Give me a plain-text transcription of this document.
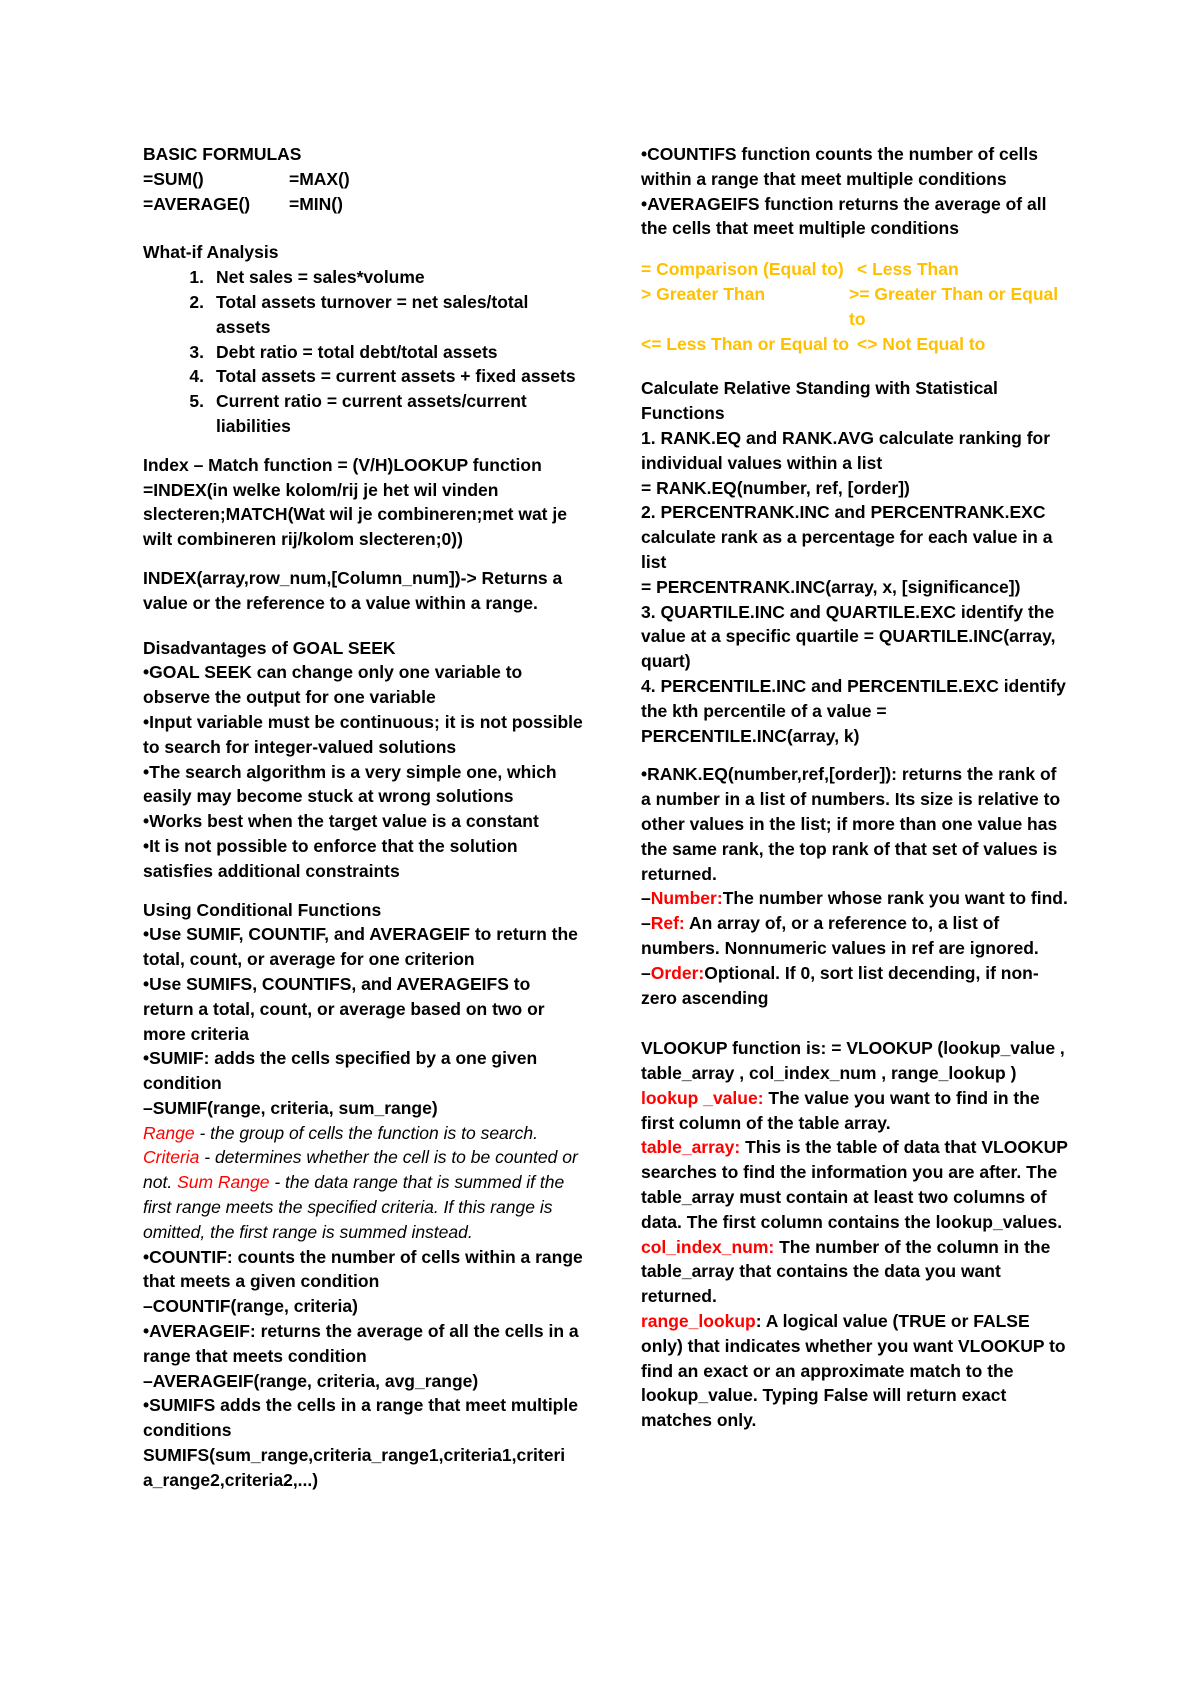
BASIC FORMULAS

=SUM()	=MAX()
=AVERAGE()	=MIN()

What-if Analysis

1. Net sales = sales*volume
2. Total assets turnover = net sales/total assets
3. Debt ratio = total debt/total assets
4. Total assets = current assets + fixed assets
5. Current ratio = current assets/current liabilities

Index – Match function = (V/H)LOOKUP function

=INDEX(in welke kolom/rij je het wil vinden slecteren;MATCH(Wat wil je combineren;met wat je wilt combineren rij/kolom slecteren;0))

INDEX(array,row_num,[Column_num])-> Returns a value or the reference to a value within a range.

Disadvantages of GOAL SEEK

•GOAL SEEK can change only one variable to observe the output for one variable

•Input variable must be continuous; it is not possible to search for integer-valued solutions

•The search algorithm is a very simple one, which easily may become stuck at wrong solutions

•Works best when the target value is a constant

•It is not possible to enforce that the solution satisfies additional constraints

Using Conditional Functions

•Use SUMIF, COUNTIF, and AVERAGEIF to return the total, count, or average for one criterion

•Use SUMIFS, COUNTIFS, and AVERAGEIFS to return a total, count, or average based on two or more criteria

•SUMIF: adds the cells specified by a one given condition

–SUMIF(range, criteria, sum_range)

Range - the group of cells the function is to search. Criteria - determines whether the cell is to be counted or not. Sum Range - the data range that is summed if the first range meets the specified criteria. If this range is omitted, the first range is summed instead.

•COUNTIF: counts the number of cells within a range that meets a given condition

–COUNTIF(range, criteria)

•AVERAGEIF: returns the average of all the cells in a range that meets condition

–AVERAGEIF(range, criteria, avg_range)

•SUMIFS adds the cells in a range that meet multiple conditions

SUMIFS(sum_range,criteria_range1,criteria1,criteri a_range2,criteria2,...)

•COUNTIFS function counts the number of cells within a range that meet multiple conditions

•AVERAGEIFS function returns the average of all the cells that meet multiple conditions

= Comparison (Equal to) < Less Than
> Greater Than	>= Greater Than or Equal to
<= Less Than or Equal to <> Not Equal to

Calculate Relative Standing with Statistical Functions

1. RANK.EQ and RANK.AVG calculate ranking for individual values within a list

= RANK.EQ(number, ref, [order])

2. PERCENTRANK.INC and PERCENTRANK.EXC calculate rank as a percentage for each value in a list

= PERCENTRANK.INC(array, x, [significance])

3. QUARTILE.INC and QUARTILE.EXC identify the value at a specific quartile = QUARTILE.INC(array, quart)

4. PERCENTILE.INC and PERCENTILE.EXC identify the kth percentile of a value = PERCENTILE.INC(array, k)

•RANK.EQ(number,ref,[order]): returns the rank of a number in a list of numbers. Its size is relative to other values in the list; if more than one value has the same rank, the top rank of that set of values is returned.

–Number:The number whose rank you want to find.

–Ref: An array of, or a reference to, a list of numbers. Nonnumeric values in ref are ignored.

–Order:Optional. If 0, sort list decending, if non-zero ascending

VLOOKUP function is: = VLOOKUP (lookup_value , table_array , col_index_num , range_lookup )

lookup _value: The value you want to find in the first column of the table array.

table_array: This is the table of data that VLOOKUP searches to find the information you are after. The table_array must contain at least two columns of data. The first column contains the lookup_values.

col_index_num: The number of the column in the table_array that contains the data you want returned.

range_lookup: A logical value (TRUE or FALSE only) that indicates whether you want VLOOKUP to find an exact or an approximate match to the lookup_value. Typing False will return exact matches only.
